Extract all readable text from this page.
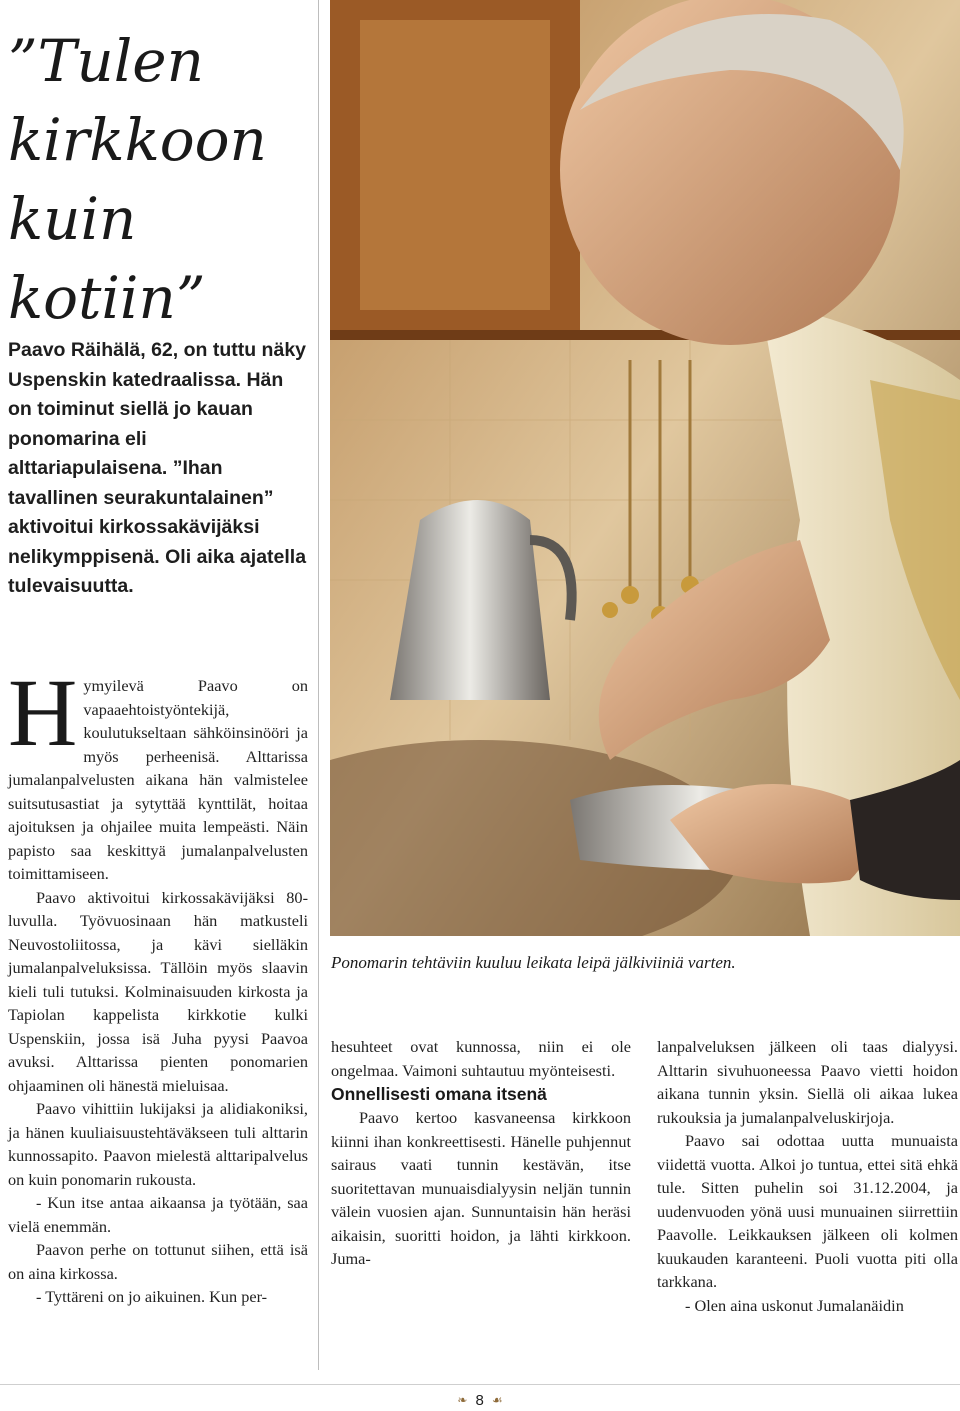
”Tulen kirkkoon kuin kotiin”

Paavo Räihälä, 62, on tuttu näky Uspenskin katedraalissa. Hän on toiminut siellä jo kauan ponomarina eli alttariapulaisena. ”Ihan tavallinen seurakuntalainen” aktivoitui kirkossakävijäksi nelikymppisenä. Oli aika ajatella tulevaisuutta.

Hymyilevä Paavo on vapaaehtoistyöntekijä, koulutukseltaan sähköinsinööri ja myös perheenisä. Alttarissa jumalanpalvelusten aikana hän valmistelee suitsutusastiat ja sytyttää kynttilät, hoitaa ajoituksen ja ohjailee muita lempeästi. Näin papisto saa keskittyä jumalanpalvelusten toimittamiseen.

Paavo aktivoitui kirkossakävijäksi 80-luvulla. Työvuosinaan hän matkusteli Neuvostoliitossa, ja kävi sielläkin jumalanpalveluksissa. Tällöin myös slaavin kieli tuli tutuksi. Kolminaisuuden kirkosta ja Tapiolan kappelista kirkkotie kulki Uspenskiin, jossa isä Juha pyysi Paavoa avuksi. Alttarissa pienten ponomarien ohjaaminen oli hänestä mieluisaa.

Paavo vihittiin lukijaksi ja alidiakoniksi, ja hänen kuuliaisuustehtäväkseen tuli alttarin kunnossapito. Paavon mielestä alttaripalvelus on kuin ponomarin rukousta.

- Kun itse antaa aikaansa ja työtään, saa vielä enemmän.

Paavon perhe on tottunut siihen, että isä on aina kirkossa.

- Tyttäreni on jo aikuinen. Kun per-

Ponomarin tehtäviin kuuluu leikata leipä jälkiviiniä varten.

hesuhteet ovat kunnossa, niin ei ole ongelmaa. Vaimoni suhtautuu myönteisesti.

Onnellisesti omana itsenä

Paavo kertoo kasvaneensa kirkkoon kiinni ihan konkreettisesti. Hänelle puhjennut sairaus vaati tunnin kestävän, itse suoritettavan munuaisdialyysin neljän tunnin välein vuosien ajan. Sunnuntaisin hän heräsi aikaisin, suoritti hoidon, ja lähti kirkkoon. Juma-

lanpalveluksen jälkeen oli taas dialyysi. Alttarin sivuhuoneessa Paavo vietti hoidon aikana tunnin yksin. Siellä oli aikaa lukea rukouksia ja jumalanpalveluskirjoja.

Paavo sai odottaa uutta munuaista viidettä vuotta. Alkoi jo tuntua, ettei sitä ehkä tule. Sitten puhelin soi 31.12.2004, ja uudenvuoden yönä uusi munuainen siirrettiin Paavolle. Leikkauksen jälkeen oli kolmen kuukauden karanteeni. Puoli vuotta piti olla tarkkana.

- Olen aina uskonut Jumalanäidin

❧ 8 ☙
